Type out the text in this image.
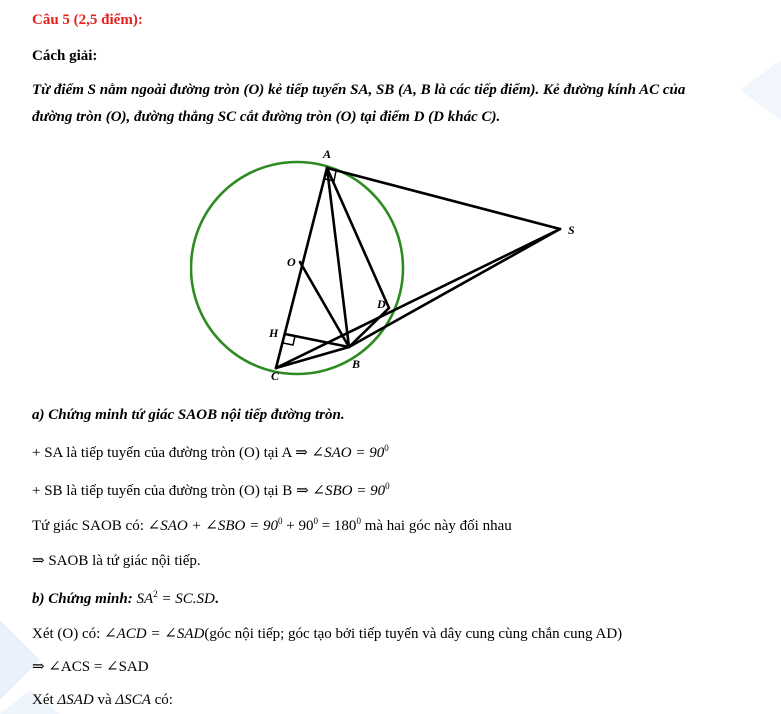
Câu 5 (2,5 điểm):
Cách giải:
Từ điểm S nằm ngoài đường tròn (O) kẻ tiếp tuyến SA, SB (A, B là các tiếp điểm). Kẻ đường kính AC của
đường tròn (O), đường thẳng SC cắt đường tròn (O) tại điểm D (D khác C).
A
S
O
D
H
B
C
a) Chứng minh tứ giác SAOB nội tiếp đường tròn.
+ SA là tiếp tuyến của đường tròn (O) tại A ⇒ ∠SAO = $90^0$
+ SB là tiếp tuyến của đường tròn (O) tại B ⇒ ∠SBO = $90^0$
Tứ giác SAOB có: ∠SAO + ∠SBO = $90^0 + 90^0 = 180^0$ mà hai góc này đối nhau
⇒ SAOB là tứ giác nội tiếp.
b) Chứng minh: $SA^2 = SC.SD$.
Xét (O) có: ∠ACD = ∠SAD(góc nội tiếp; góc tạo bởi tiếp tuyến và dây cung cùng chắn cung AD)
⇒ ∠ACS = ∠SAD
Xét ΔSAD và ΔSCA có:
